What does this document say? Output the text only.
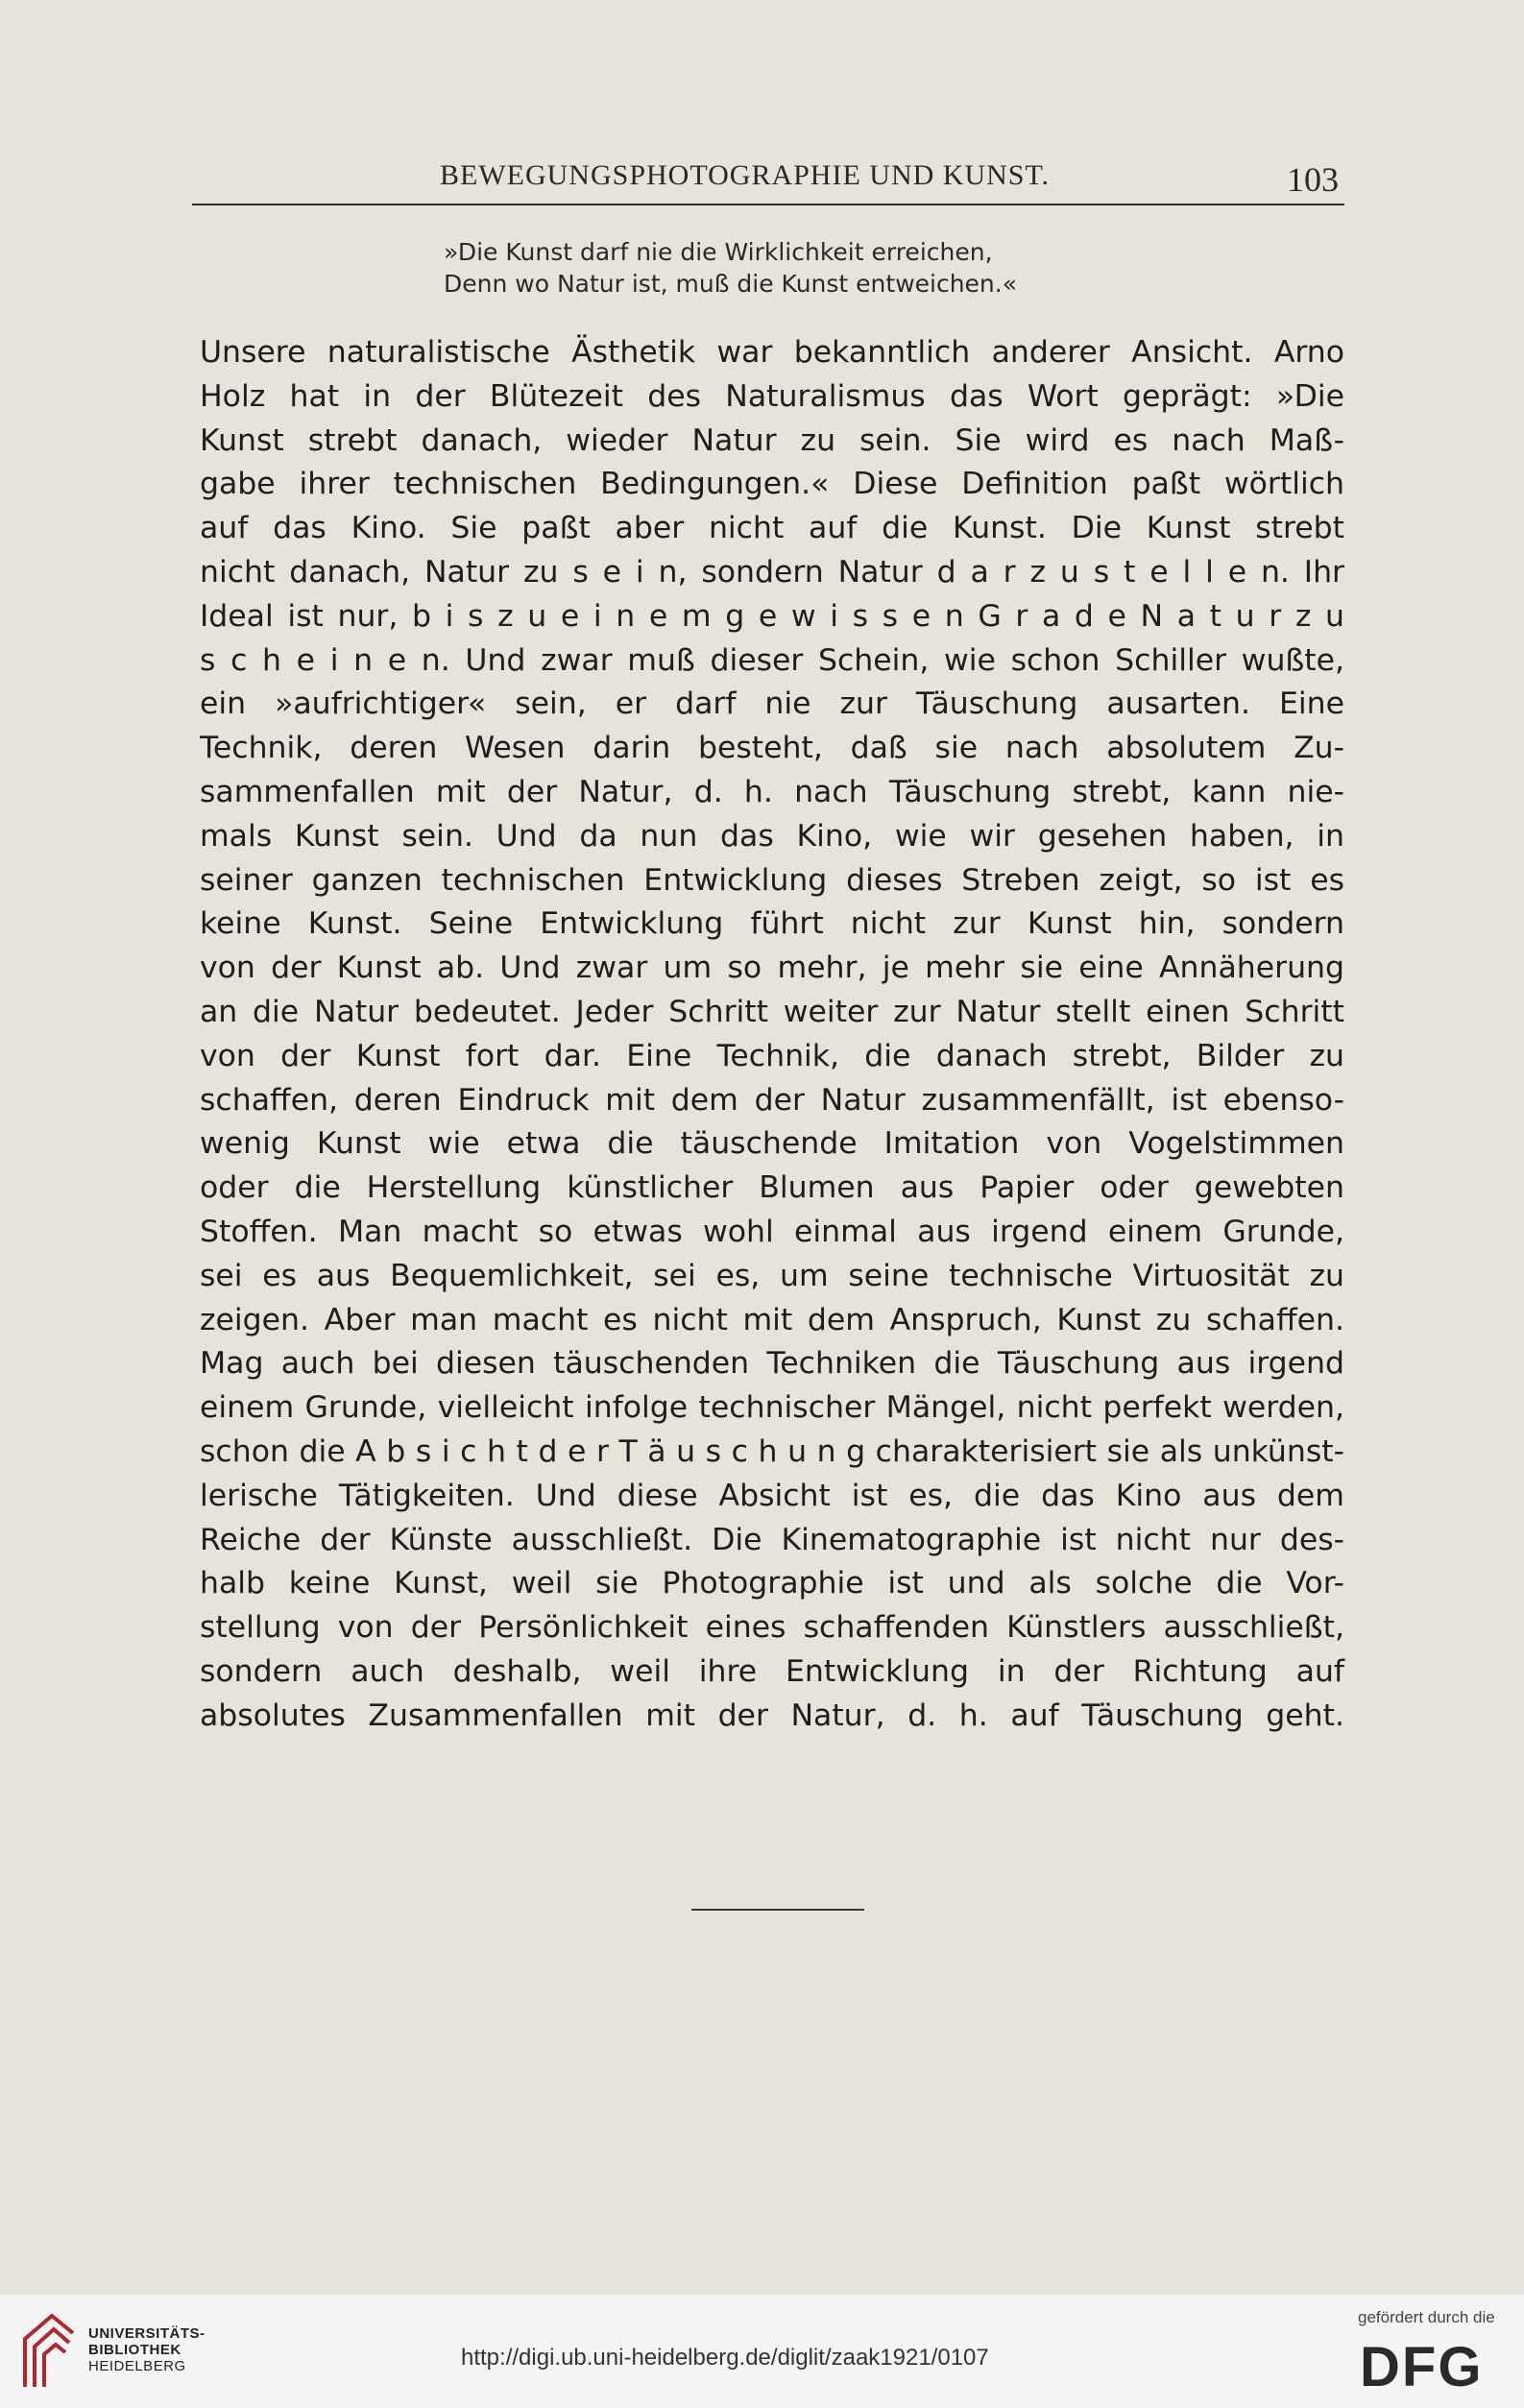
BEWEGUNGSPHOTOGRAPHIE UND KUNST.	103
»Die Kunst darf nie die Wirklichkeit erreichen,
Denn wo Natur ist, muß die Kunst entweichen.«
Unsere naturalistische Ästhetik war bekanntlich anderer Ansicht. Arno
Holz hat in der Blütezeit des Naturalismus das Wort geprägt: »Die
Kunst strebt danach, wieder Natur zu sein. Sie wird es nach Maß-
gabe ihrer technischen Bedingungen.« Diese Definition paßt wörtlich
auf das Kino. Sie paßt aber nicht auf die Kunst. Die Kunst strebt
nicht danach, Natur zu s e i n, sondern Natur d a r z u s t e l l e n. Ihr
Ideal ist nur, b i s z u e i n e m g e w i s s e n G r a d e N a t u r z u
s c h e i n e n. Und zwar muß dieser Schein, wie schon Schiller wußte,
ein »aufrichtiger« sein, er darf nie zur Täuschung ausarten. Eine
Technik, deren Wesen darin besteht, daß sie nach absolutem Zu-
sammenfallen mit der Natur, d. h. nach Täuschung strebt, kann nie-
mals Kunst sein. Und da nun das Kino, wie wir gesehen haben, in
seiner ganzen technischen Entwicklung dieses Streben zeigt, so ist es
keine Kunst. Seine Entwicklung führt nicht zur Kunst hin, sondern
von der Kunst ab. Und zwar um so mehr, je mehr sie eine Annäherung
an die Natur bedeutet. Jeder Schritt weiter zur Natur stellt einen Schritt
von der Kunst fort dar. Eine Technik, die danach strebt, Bilder zu
schaffen, deren Eindruck mit dem der Natur zusammenfällt, ist ebenso-
wenig Kunst wie etwa die täuschende Imitation von Vogelstimmen
oder die Herstellung künstlicher Blumen aus Papier oder gewebten
Stoffen. Man macht so etwas wohl einmal aus irgend einem Grunde,
sei es aus Bequemlichkeit, sei es, um seine technische Virtuosität zu
zeigen. Aber man macht es nicht mit dem Anspruch, Kunst zu schaffen.
Mag auch bei diesen täuschenden Techniken die Täuschung aus irgend
einem Grunde, vielleicht infolge technischer Mängel, nicht perfekt werden,
schon die A b s i c h t d e r T ä u s c h u n g charakterisiert sie als unkünst-
lerische Tätigkeiten. Und diese Absicht ist es, die das Kino aus dem
Reiche der Künste ausschließt. Die Kinematographie ist nicht nur des-
halb keine Kunst, weil sie Photographie ist und als solche die Vor-
stellung von der Persönlichkeit eines schaffenden Künstlers ausschließt,
sondern auch deshalb, weil ihre Entwicklung in der Richtung auf
absolutes Zusammenfallen mit der Natur, d. h. auf Täuschung geht.
UNIVERSITÄTS-
BIBLIOTHEK
HEIDELBERG	http://digi.ub.uni-heidelberg.de/diglit/zaak1921/0107
gefördert durch die
DFG
